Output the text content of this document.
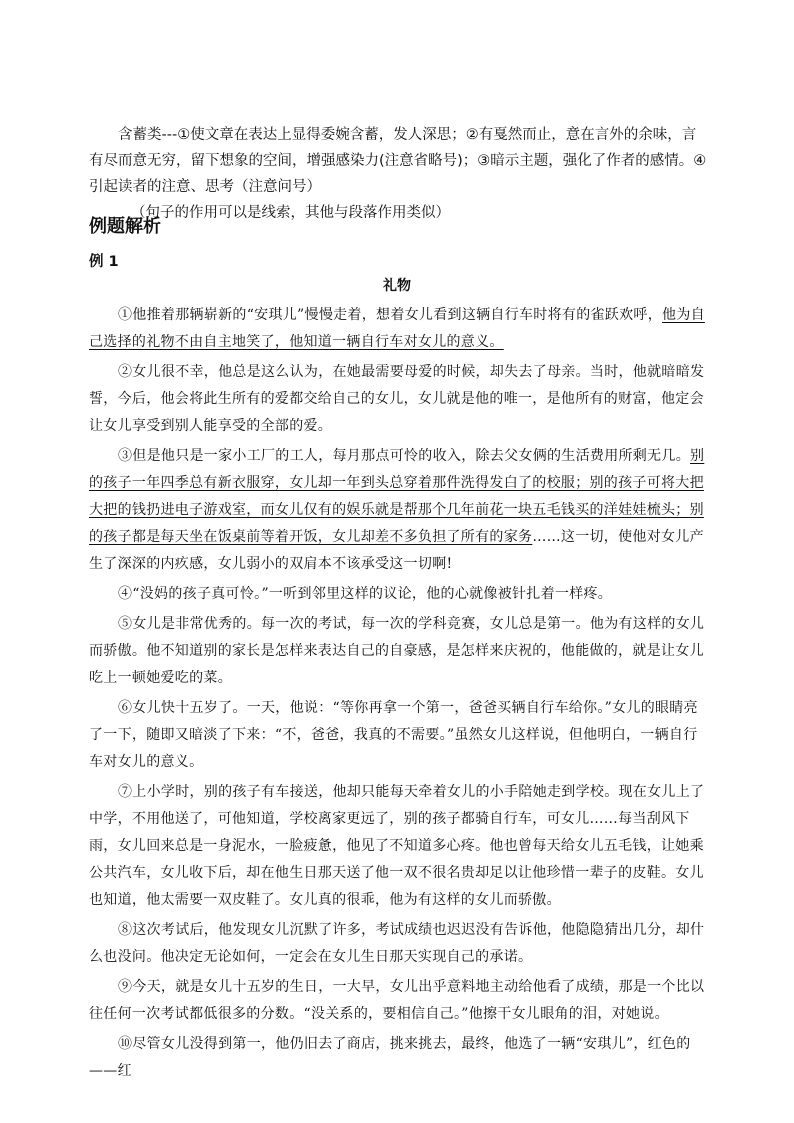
含蓄类---①使文章在表达上显得委婉含蓄，发人深思；②有戛然而止，意在言外的余味，言有尽而意无穷，留下想象的空间，增强感染力(注意省略号)；③暗示主题，强化了作者的感情。④引起读者的注意、思考（注意问号）

（句子的作用可以是线索，其他与段落作用类似）

例题解析
例 1
礼物

①他推着那辆崭新的“安琪儿”慢慢走着，想着女儿看到这辆自行车时将有的雀跃欢呼，他为自己选择的礼物不由自主地笑了，他知道一辆自行车对女儿的意义。

②女儿很不幸，他总是这么认为，在她最需要母爱的时候，却失去了母亲。当时，他就暗暗发誓，今后，他会将此生所有的爱都交给自己的女儿，女儿就是他的唯一，是他所有的财富，他定会让女儿享受到别人能享受的全部的爱。

③但是他只是一家小工厂的工人，每月那点可怜的收入，除去父女俩的生活费用所剩无几。别的孩子一年四季总有新衣服穿，女儿却一年到头总穿着那件洗得发白了的校服；别的孩子可将大把大把的钱扔进电子游戏室，而女儿仅有的娱乐就是帮那个几年前花一块五毛钱买的洋娃娃梳头；别的孩子都是每天坐在饭桌前等着开饭，女儿却差不多负担了所有的家务……这一切，使他对女儿产生了深深的内疚感，女儿弱小的双肩本不该承受这一切啊!

④“没妈的孩子真可怜。”一听到邻里这样的议论，他的心就像被针扎着一样疼。

⑤女儿是非常优秀的。每一次的考试，每一次的学科竞赛，女儿总是第一。他为有这样的女儿而骄傲。他不知道别的家长是怎样来表达自己的自豪感，是怎样来庆祝的，他能做的，就是让女儿吃上一顿她爱吃的菜。

⑥女儿快十五岁了。一天，他说：“等你再拿一个第一，爸爸买辆自行车给你。”女儿的眼睛亮了一下，随即又暗淡了下来：“不，爸爸，我真的不需要。”虽然女儿这样说，但他明白，一辆自行车对女儿的意义。

⑦上小学时，别的孩子有车接送，他却只能每天牵着女儿的小手陪她走到学校。现在女儿上了中学，不用他送了，可他知道，学校离家更远了，别的孩子都骑自行车，可女儿……每当刮风下雨，女儿回来总是一身泥水，一脸疲惫，他见了不知道多心疼。他也曾每天给女儿五毛钱，让她乘公共汽车，女儿收下后，却在他生日那天送了他一双不很名贵却足以让他珍惜一辈子的皮鞋。女儿也知道，他太需要一双皮鞋了。女儿真的很乖，他为有这样的女儿而骄傲。

⑧这次考试后，他发现女儿沉默了许多，考试成绩也迟迟没有告诉他，他隐隐猜出几分，却什么也没问。他决定无论如何，一定会在女儿生日那天实现自己的承诺。

⑨今天，就是女儿十五岁的生日，一大早，女儿出乎意料地主动给他看了成绩，那是一个比以往任何一次考试都低很多的分数。“没关系的，要相信自己。”他擦干女儿眼角的泪，对她说。

⑩尽管女儿没得到第一，他仍旧去了商店，挑来挑去，最终，他选了一辆“安琪儿”，红色的——红
